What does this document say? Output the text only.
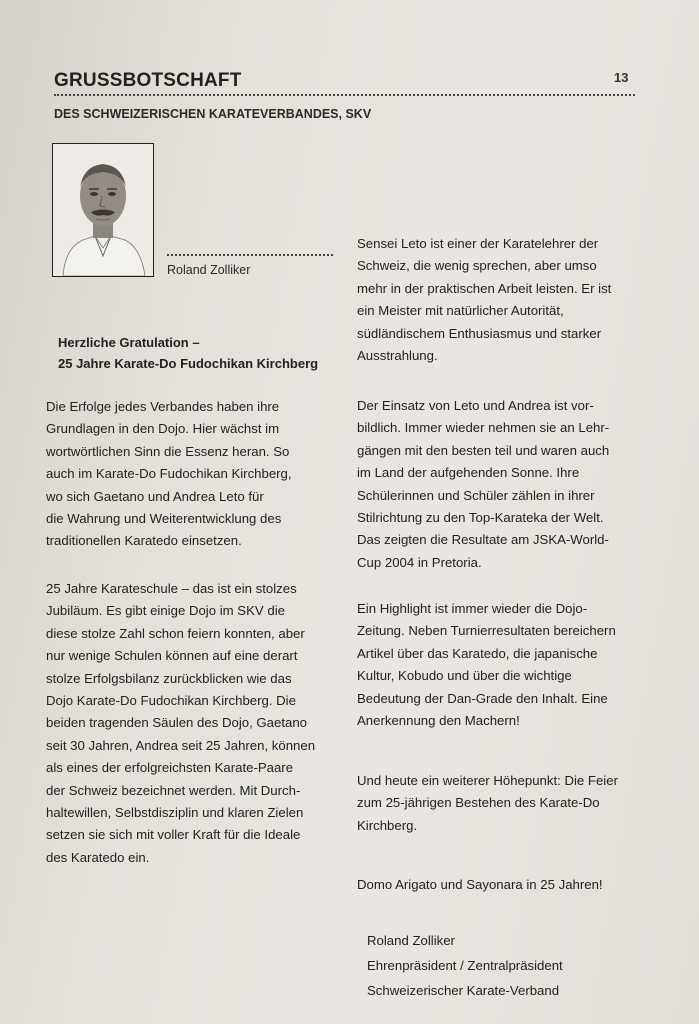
GRUSSBOTSCHAFT	13
DES SCHWEIZERISCHEN KARATEVERBANDES, SKV
Roland Zolliker
Herzliche Gratulation –
25 Jahre Karate-Do Fudochikan Kirchberg
Die Erfolge jedes Verbandes haben ihre
Grundlagen in den Dojo. Hier wächst im
wortwörtlichen Sinn die Essenz heran. So
auch im Karate-Do Fudochikan Kirchberg,
wo sich Gaetano und Andrea Leto für
die Wahrung und Weiterentwicklung des
traditionellen Karatedo einsetzen.
25 Jahre Karateschule – das ist ein stolzes
Jubiläum. Es gibt einige Dojo im SKV die
diese stolze Zahl schon feiern konnten, aber
nur wenige Schulen können auf eine derart
stolze Erfolgsbilanz zurückblicken wie das
Dojo Karate-Do Fudochikan Kirchberg. Die
beiden tragenden Säulen des Dojo, Gaetano
seit 30 Jahren, Andrea seit 25 Jahren, können
als eines der erfolgreichsten Karate-Paare
der Schweiz bezeichnet werden. Mit Durch-
haltewillen, Selbstdisziplin und klaren Zielen
setzen sie sich mit voller Kraft für die Ideale
des Karatedo ein.
Sensei Leto ist einer der Karatelehrer der
Schweiz, die wenig sprechen, aber umso
mehr in der praktischen Arbeit leisten. Er ist
ein Meister mit natürlicher Autorität,
südländischem Enthusiasmus und starker
Ausstrahlung.
Der Einsatz von Leto und Andrea ist vor-
bildlich. Immer wieder nehmen sie an Lehr-
gängen mit den besten teil und waren auch
im Land der aufgehenden Sonne. Ihre
Schülerinnen und Schüler zählen in ihrer
Stilrichtung zu den Top-Karateka der Welt.
Das zeigten die Resultate am JSKA-World-
Cup 2004 in Pretoria.
Ein Highlight ist immer wieder die Dojo-
Zeitung. Neben Turnierresultaten bereichern
Artikel über das Karatedo, die japanische
Kultur, Kobudo und über die wichtige
Bedeutung der Dan-Grade den Inhalt. Eine
Anerkennung den Machern!
Und heute ein weiterer Höhepunkt: Die Feier
zum 25-jährigen Bestehen des Karate-Do
Kirchberg.
Domo Arigato und Sayonara in 25 Jahren!
Roland Zolliker
Ehrenpräsident / Zentralpräsident
Schweizerischer Karate-Verband
